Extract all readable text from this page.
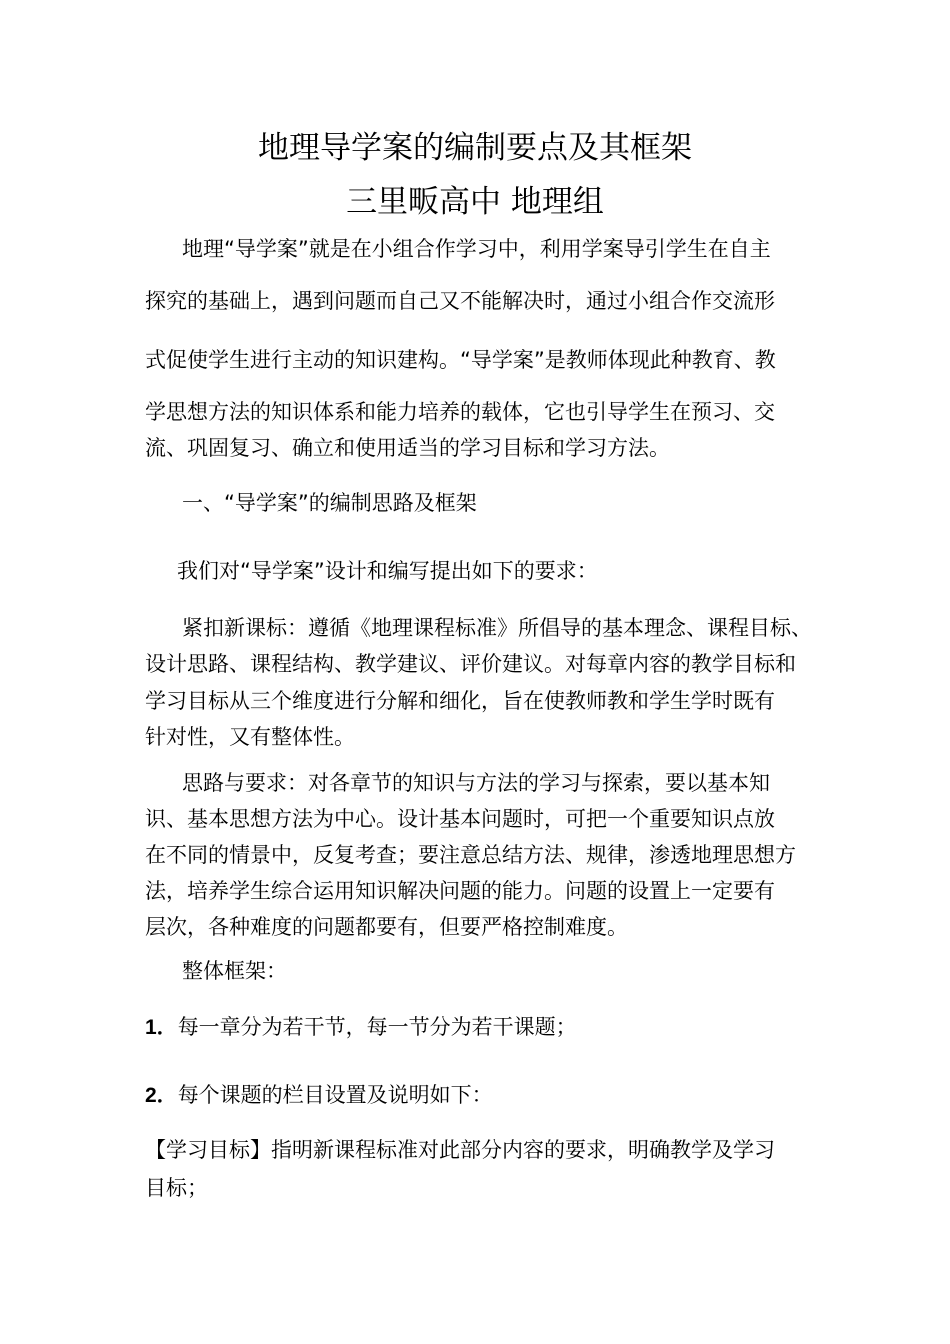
地理导学案的编制要点及其框架
三里畈高中 地理组

地理“导学案”就是在小组合作学习中，利用学案导引学生在自主

探究的基础上，遇到问题而自己又不能解决时，通过小组合作交流形

式促使学生进行主动的知识建构。“导学案”是教师体现此种教育、教

学思想方法的知识体系和能力培养的载体，它也引导学生在预习、交

流、巩固复习、确立和使用适当的学习目标和学习方法。

一、“导学案”的编制思路及框架

我们对“导学案”设计和编写提出如下的要求：

紧扣新课标：遵循《地理课程标准》所倡导的基本理念、课程目标、

设计思路、课程结构、教学建议、评价建议。对每章内容的教学目标和

学习目标从三个维度进行分解和细化，旨在使教师教和学生学时既有

针对性，又有整体性。

思路与要求：对各章节的知识与方法的学习与探索，要以基本知

识、基本思想方法为中心。设计基本问题时，可把一个重要知识点放

在不同的情景中，反复考查；要注意总结方法、规律，渗透地理思想方

法，培养学生综合运用知识解决问题的能力。问题的设置上一定要有

层次，各种难度的问题都要有，但要严格控制难度。

整体框架：

1．每一章分为若干节，每一节分为若干课题；

2．每个课题的栏目设置及说明如下：

【学习目标】指明新课程标准对此部分内容的要求，明确教学及学习

目标；
